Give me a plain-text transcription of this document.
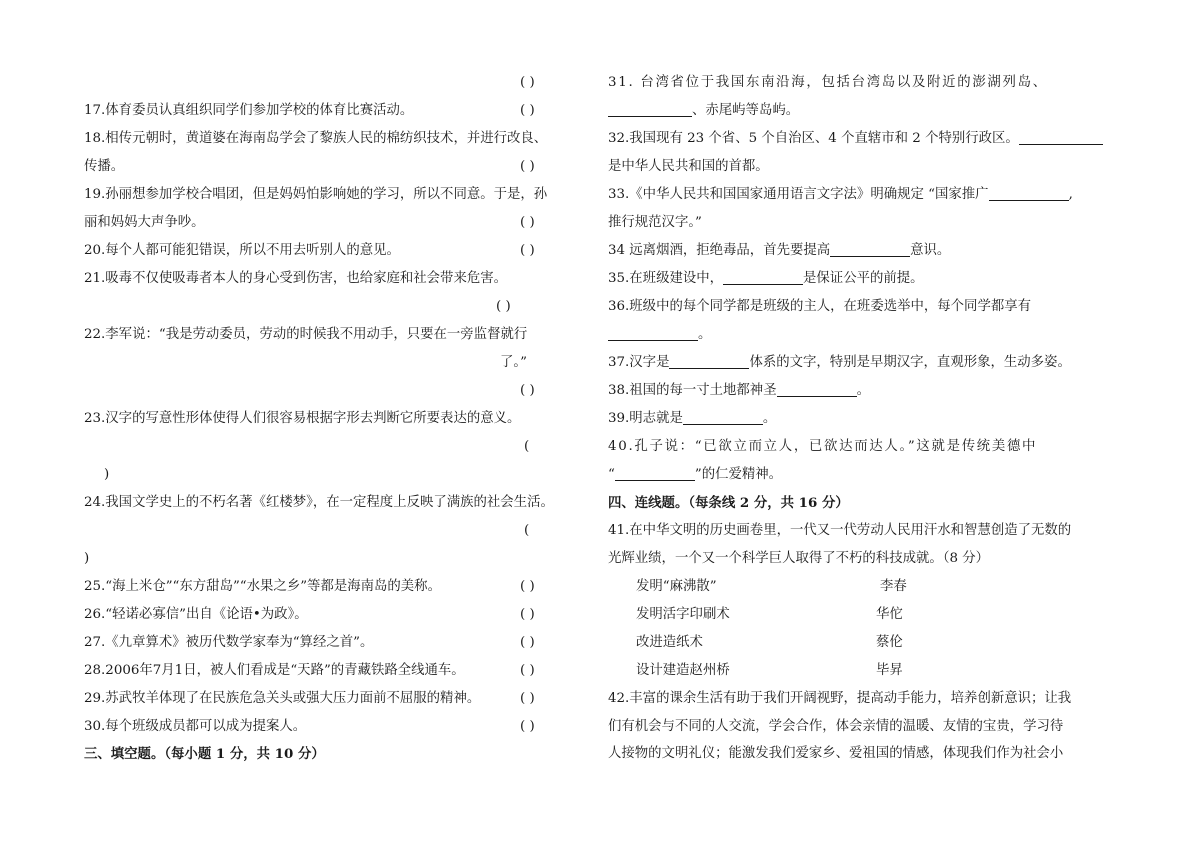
( )
17.体育委员认真组织同学们参加学校的体育比赛活动。	( )
18.相传元朝时，黄道婆在海南岛学会了黎族人民的棉纺织技术，并进行改良、
传播。	( )
19.孙丽想参加学校合唱团，但是妈妈怕影响她的学习，所以不同意。于是，孙
丽和妈妈大声争吵。	( )
20.每个人都可能犯错误，所以不用去听别人的意见。	( )
21.吸毒不仅使吸毒者本人的身心受到伤害，也给家庭和社会带来危害。
( )
22.李军说：“我是劳动委员，劳动的时候我不用动手，只要在一旁监督就行
了。”
( )
23.汉字的写意性形体使得人们很容易根据字形去判断它所要表达的意义。
(
)
24.我国文学史上的不朽名著《红楼梦》，在一定程度上反映了满族的社会生活。
(
)
25.“海上米仓”“东方甜岛”“水果之乡”等都是海南岛的美称。	( )
26.“轻诺必寡信”出自《论语•为政》。	( )
27.《九章算术》被历代数学家奉为“算经之首”。	( )
28.2006年7月1日，被人们看成是“天路”的青藏铁路全线通车。	( )
29.苏武牧羊体现了在民族危急关头或强大压力面前不屈服的精神。	( )
30.每个班级成员都可以成为提案人。	( )
三、填空题。（每小题 1 分，共 10 分）
31. 台湾省位于我国东南沿海，包括台湾岛以及附近的澎湖列岛、
、赤尾屿等岛屿。
32.我国现有 23 个省、5 个自治区、4 个直辖市和 2 个特别行政区。
是中华人民共和国的首都。
33.《中华人民共和国国家通用语言文字法》明确规定 “国家推广	,
推行规范汉字。”
34 远离烟酒，拒绝毒品，首先要提高	意识。
35.在班级建设中，	是保证公平的前提。
36.班级中的每个同学都是班级的主人，在班委选举中，每个同学都享有
。
37.汉字是	体系的文字，特别是早期汉字，直观形象，生动多姿。
38.祖国的每一寸土地都神圣	。
39.明志就是	。
40.孔子说：“已欲立而立人，已欲达而达人。”这就是传统美德中
“	”的仁爱精神。
四、连线题。（每条线 2 分，共 16 分）
41.在中华文明的历史画卷里，一代又一代劳动人民用汗水和智慧创造了无数的
光辉业绩，一个又一个科学巨人取得了不朽的科技成就。（8 分）
发明“麻沸散”	李春
发明活字印刷术	华佗
改进造纸术	蔡伦
设计建造赵州桥	毕昇
42.丰富的课余生活有助于我们开阔视野，提高动手能力，培养创新意识；让我
们有机会与不同的人交流，学会合作，体会亲情的温暖、友情的宝贵，学习待
人接物的文明礼仪；能激发我们爱家乡、爱祖国的情感，体现我们作为社会小
